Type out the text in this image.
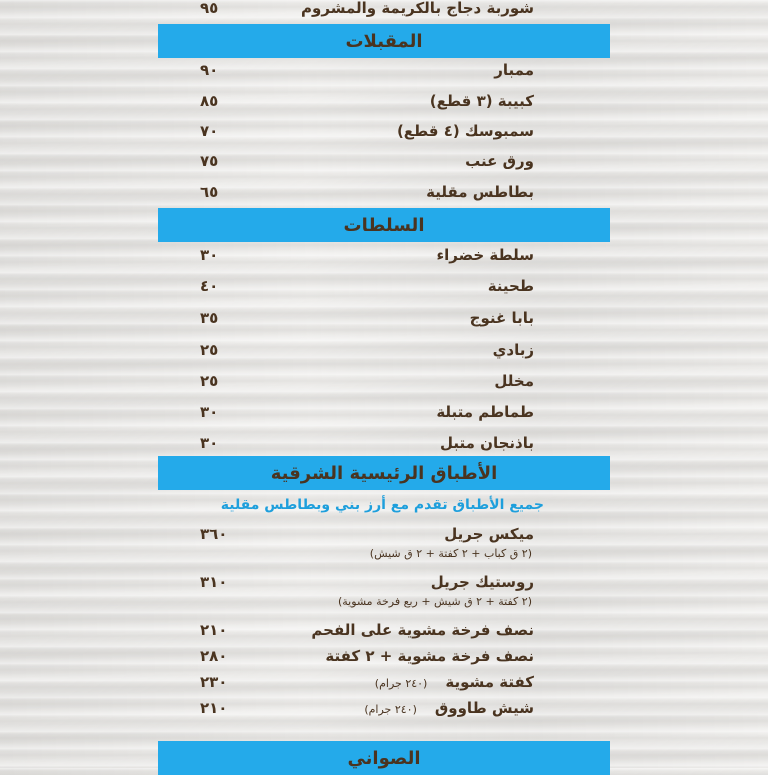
شوربة دجاج بالكريمة والمشروم
٩٥
المقبلات
ممبار
٩٠
كبيبة (٣ قطع)
٨٥
سمبوسك (٤ قطع)
٧٠
ورق عنب
٧٥
بطاطس مقلية
٦٥
السلطات
سلطة خضراء
٣٠
طحينة
٤٠
بابا غنوج
٣٥
زبادي
٢٥
مخلل
٢٥
طماطم متبلة
٣٠
باذنجان متبل
٣٠
الأطباق الرئيسية الشرقية
جميع الأطباق تقدم مع أرز بني وبطاطس مقلية
ميكس جريل
٣٦٠
(٢ ق كباب + ٢ كفتة + ٢ ق شيش)
روستيك جريل
٣١٠
(٢ كفتة + ٢ ق شيش + ربع فرخة مشوية)
نصف فرخة مشوية على الفحم
٢١٠
نصف فرخة مشوية + ٢ كفتة
٢٨٠
كفتة مشوية(٢٤٠ جرام)
٢٣٠
شيش طاووق(٢٤٠ جرام)
٢١٠
الصواني
